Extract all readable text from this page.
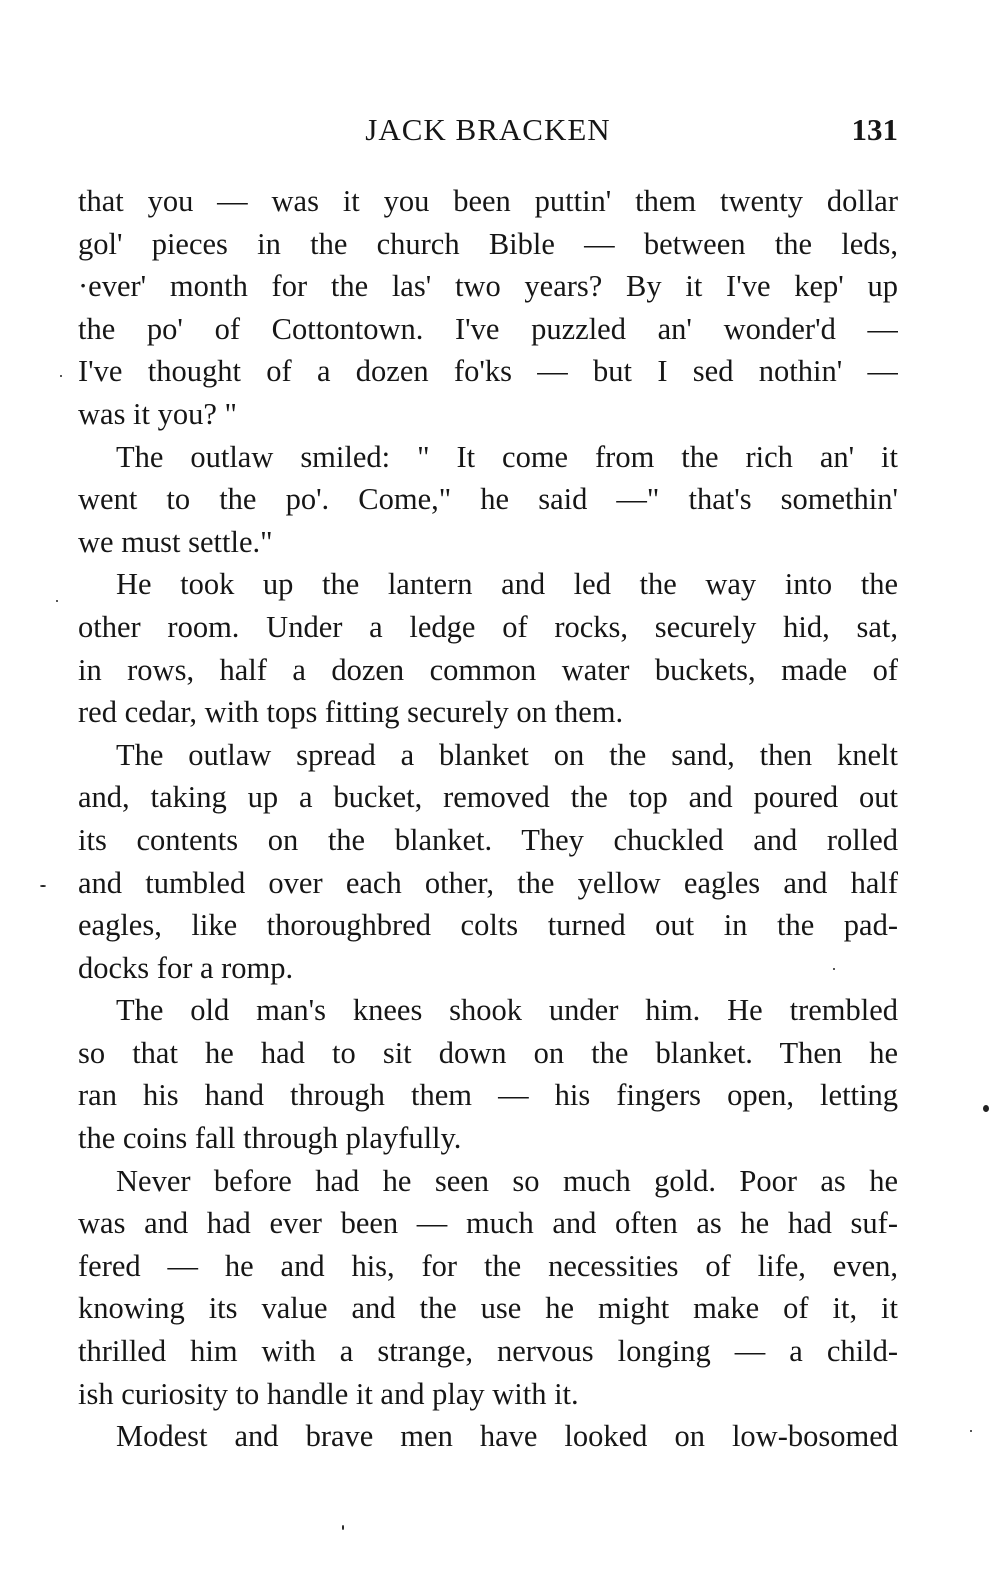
JACK BRACKEN	131
that you — was it you been puttin' them twenty dollar
gol' pieces in the church Bible — between the leds,
·ever' month for the las' two years? By it I've kep' up
the po' of Cottontown. I've puzzled an' wonder'd —
I've thought of a dozen fo'ks — but I sed nothin' —
was it you? "
The outlaw smiled: " It come from the rich an' it
went to the po'. Come," he said —" that's somethin'
we must settle."
He took up the lantern and led the way into the
other room. Under a ledge of rocks, securely hid, sat,
in rows, half a dozen common water buckets, made of
red cedar, with tops fitting securely on them.
The outlaw spread a blanket on the sand, then knelt
and, taking up a bucket, removed the top and poured out
its contents on the blanket. They chuckled and rolled
and tumbled over each other, the yellow eagles and half
eagles, like thoroughbred colts turned out in the pad-
docks for a romp.
The old man's knees shook under him. He trembled
so that he had to sit down on the blanket. Then he
ran his hand through them — his fingers open, letting
the coins fall through playfully.
Never before had he seen so much gold. Poor as he
was and had ever been — much and often as he had suf-
fered — he and his, for the necessities of life, even,
knowing its value and the use he might make of it, it
thrilled him with a strange, nervous longing — a child-
ish curiosity to handle it and play with it.
Modest and brave men have looked on low-bosomed
